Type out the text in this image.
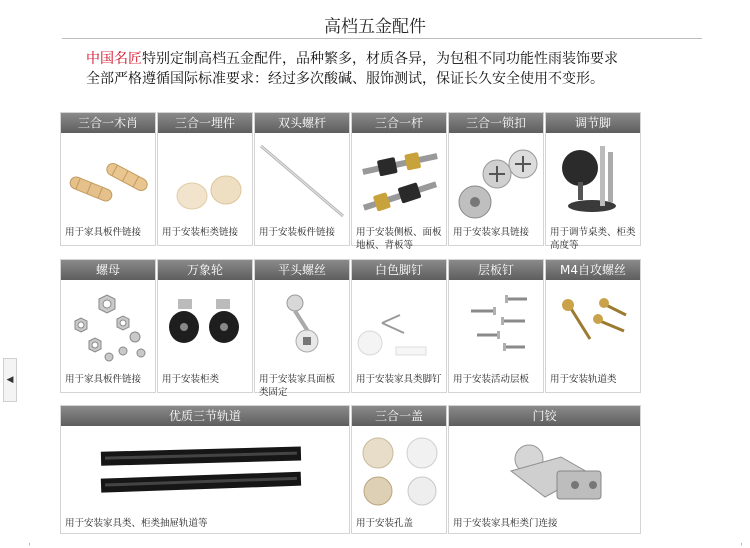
高档五金配件
中国名匠特别定制高档五金配件，品种繁多，材质各异，为包租不同功能性雨装饰要求
全部严格遵循国际标准要求：经过多次酸碱、服饰测试，保证长久安全使用不变形。
◀
ˌ	ˌ
三合一木肖
用于家具板件链接
三合一埋件
用于安装柜类链接
双头螺杆
用于安装板件链接
三合一杆
用于安装侧板、面板
地板、背板等
三合一锁扣
用于安装家具链接
调节脚
用于调节桌类、柜类
高度等
螺母
用于家具板件链接
万象轮
用于安装柜类
平头螺丝
用于安装家具面板
类固定
白色脚钉
用于安装家具类脚钉
层板钉
用于安装活动层板
M4自攻螺丝
用于安装轨道类
优质三节轨道
用于安装家具类、柜类抽屉轨道等
三合一盖
用于安装孔盖
门铰
用于安装家具柜类门连接
